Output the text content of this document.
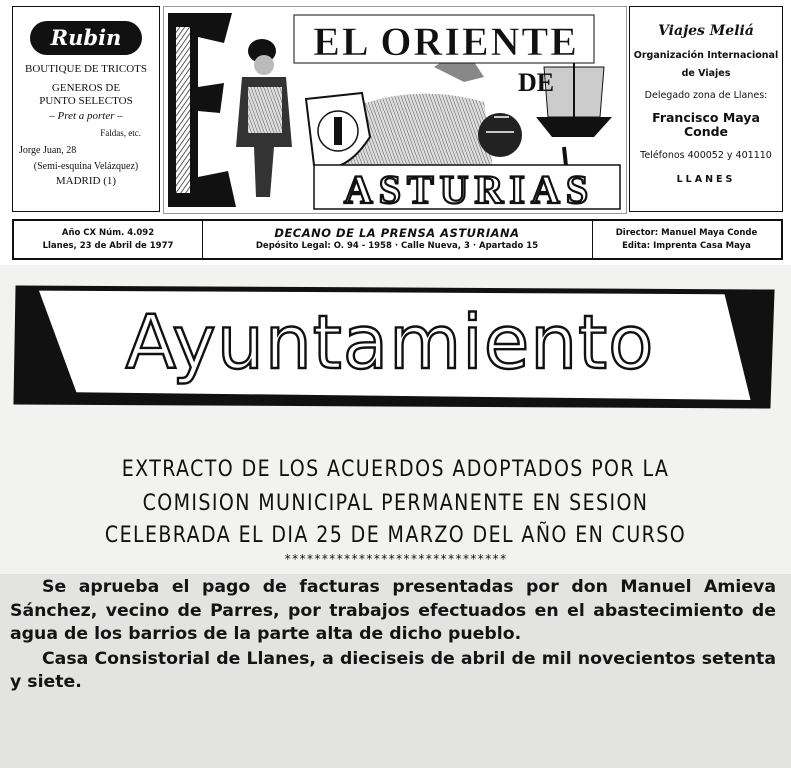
Rubin
BOUTIQUE DE TRICOTS
GENEROS DE
PUNTO SELECTOS
– Pret a porter –
Faldas, etc.
Jorge Juan, 28
(Semi-esquina Velázquez)
MADRID (1)
EL ORIENTE
DE
ASTURIAS
Viajes Meliá
Organización Internacional
de Viajes
Delegado zona de Llanes:
Francisco Maya Conde
Teléfonos 400052 y 401110
LLANES
Año CX Núm. 4.092
Llanes, 23 de Abril de 1977
DECANO DE LA PRENSA ASTURIANA
Depósito Legal: O. 94 - 1958 · Calle Nueva, 3 · Apartado 15
Director: Manuel Maya Conde
Edita: Imprenta Casa Maya
Ayuntamiento
EXTRACTO DE LOS ACUERDOS ADOPTADOS POR LA
COMISION MUNICIPAL PERMANENTE EN SESION
CELEBRADA EL DIA 25 DE MARZO DEL AÑO EN CURSO
******************************

Se aprueba el pago de facturas presentadas por don Manuel Amieva Sánchez, vecino de Parres, por trabajos efectuados en el abastecimiento de agua de los barrios de la parte alta de dicho pueblo.

Casa Consistorial de Llanes, a dieciseis de abril de mil novecientos setenta y siete.
